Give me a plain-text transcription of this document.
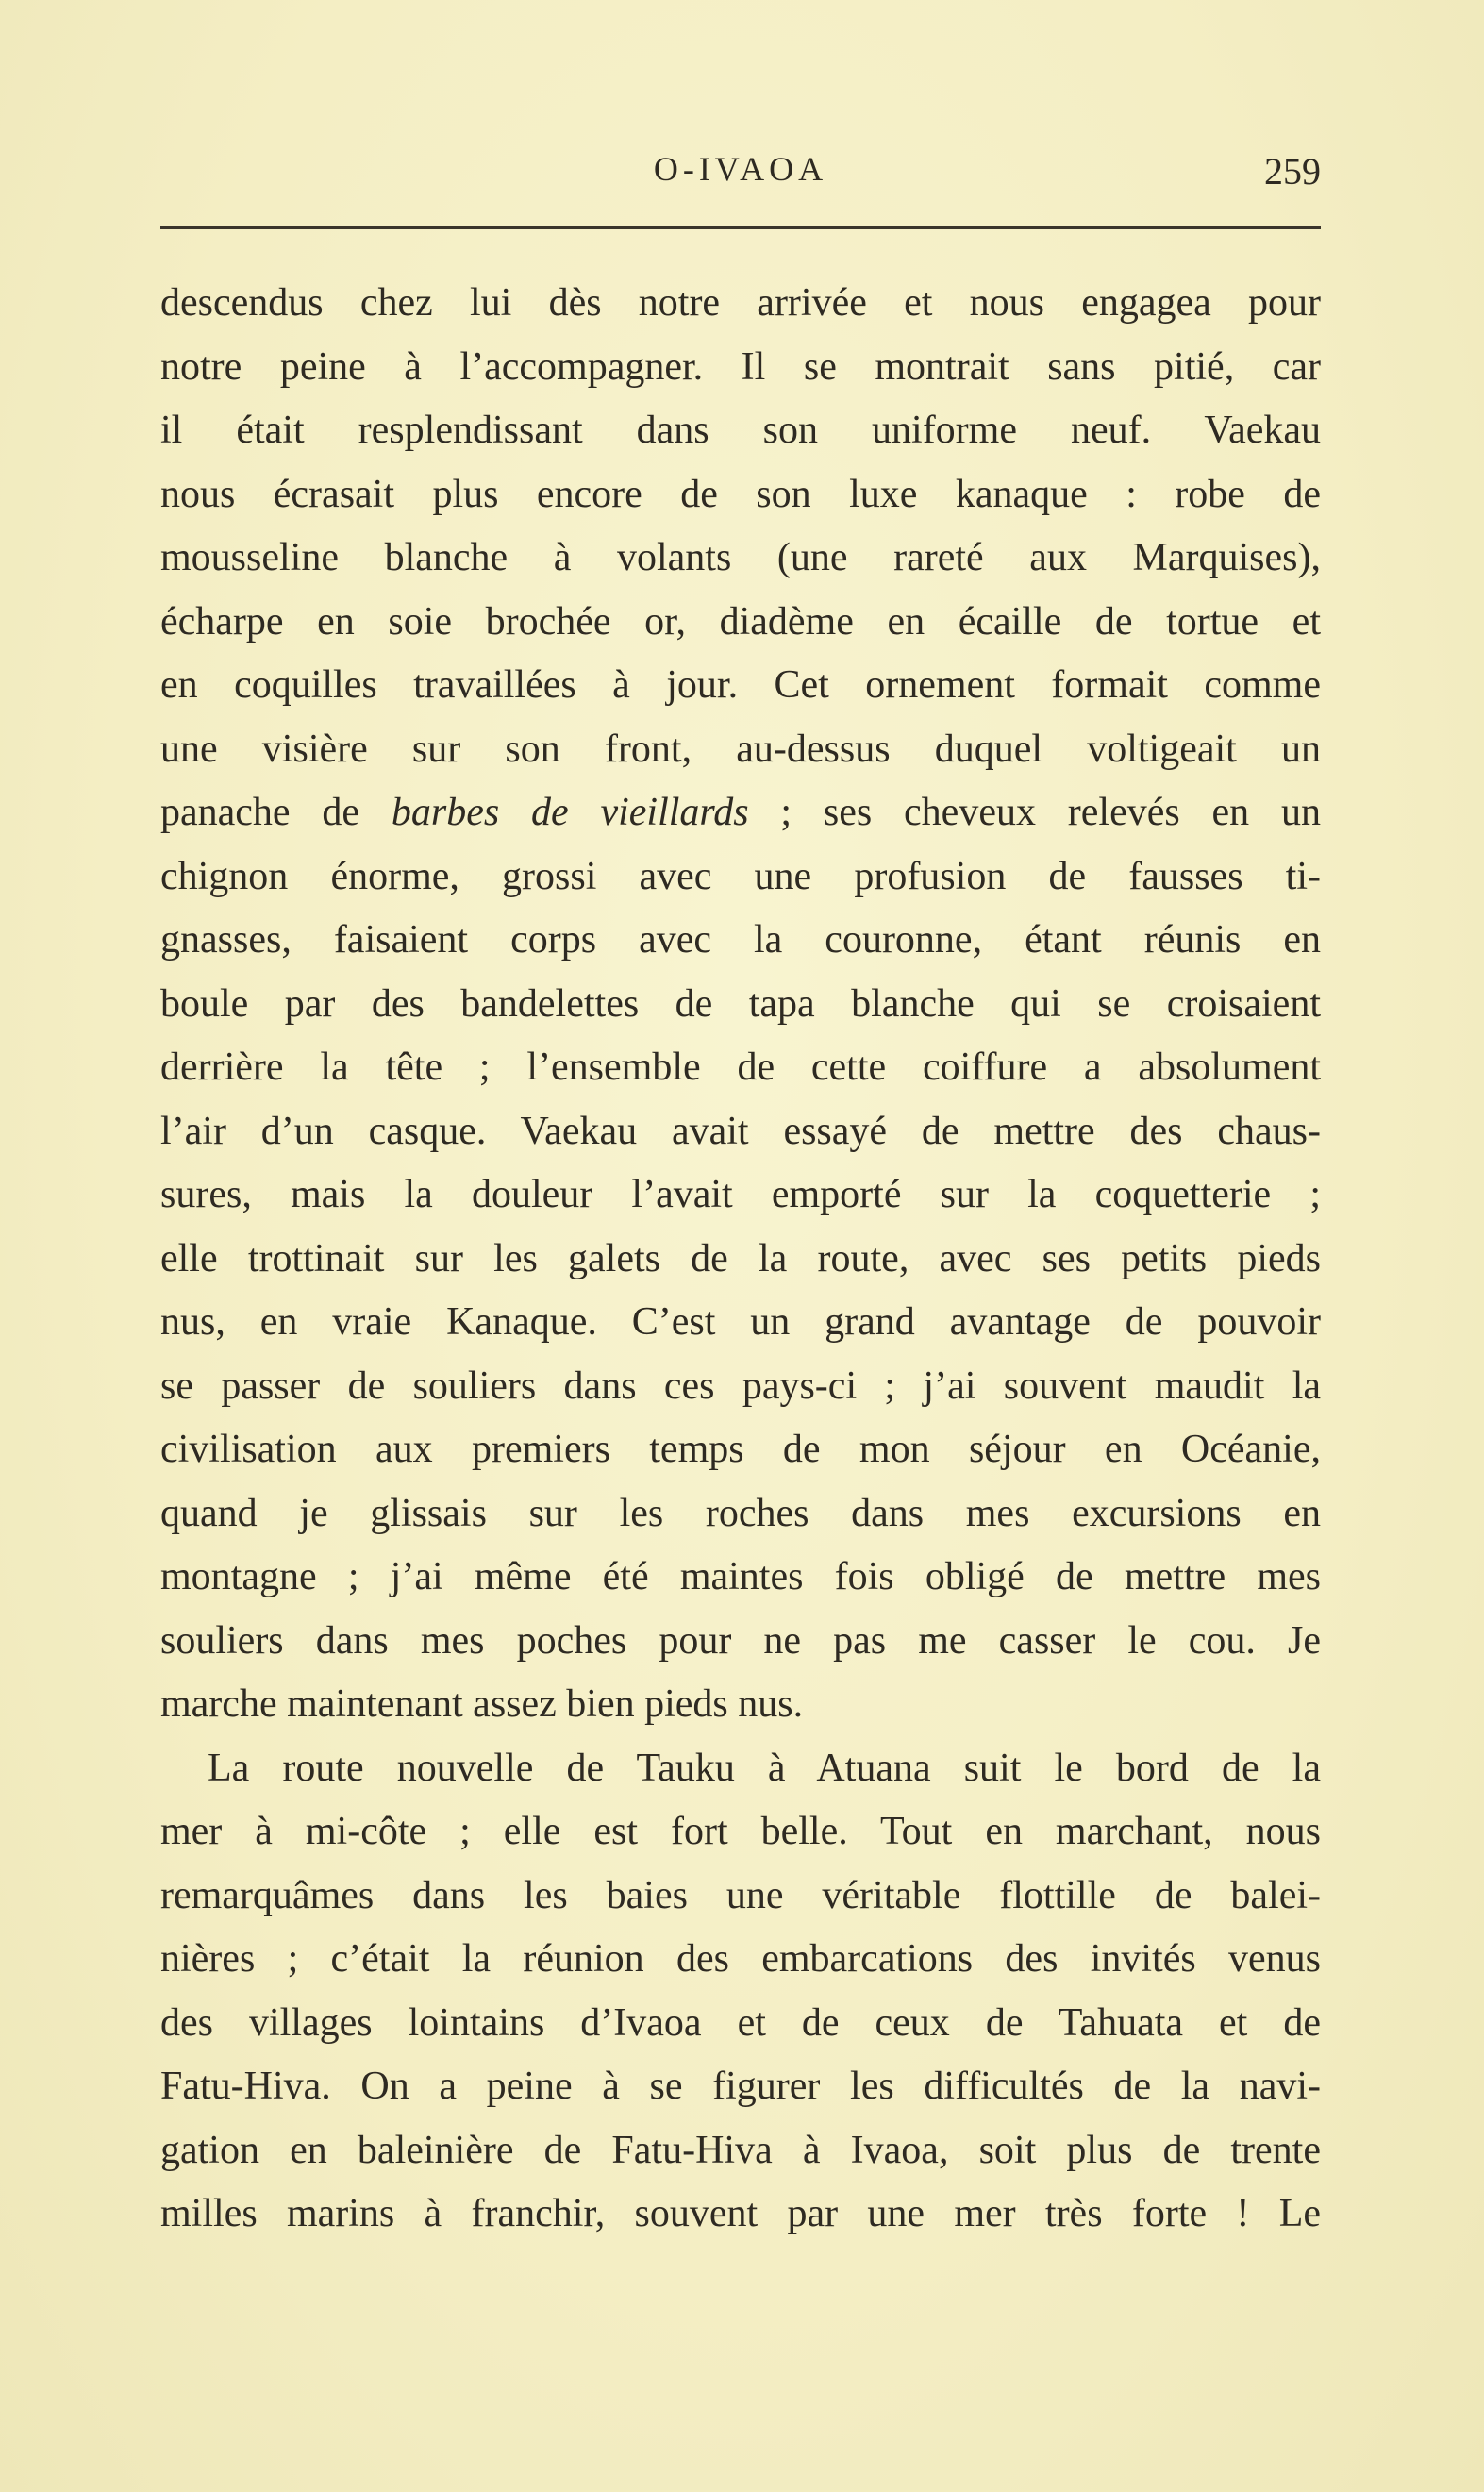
O-IVAOA	259
descendus chez lui dès notre arrivée et nous engagea pour
notre peine à l’accompagner. Il se montrait sans pitié, car
il était resplendissant dans son uniforme neuf. Vaekau
nous écrasait plus encore de son luxe kanaque : robe de
mousseline blanche à volants (une rareté aux Marquises),
écharpe en soie brochée or, diadème en écaille de tortue et
en coquilles travaillées à jour. Cet ornement formait comme
une visière sur son front, au-dessus duquel voltigeait un
panache de barbes de vieillards ; ses cheveux relevés en un
chignon énorme, grossi avec une profusion de fausses ti-
gnasses, faisaient corps avec la couronne, étant réunis en
boule par des bandelettes de tapa blanche qui se croisaient
derrière la tête ; l’ensemble de cette coiffure a absolument
l’air d’un casque. Vaekau avait essayé de mettre des chaus-
sures, mais la douleur l’avait emporté sur la coquetterie ;
elle trottinait sur les galets de la route, avec ses petits pieds
nus, en vraie Kanaque. C’est un grand avantage de pouvoir
se passer de souliers dans ces pays-ci ; j’ai souvent maudit la
civilisation aux premiers temps de mon séjour en Océanie,
quand je glissais sur les roches dans mes excursions en
montagne ; j’ai même été maintes fois obligé de mettre mes
souliers dans mes poches pour ne pas me casser le cou. Je
marche maintenant assez bien pieds nus.
La route nouvelle de Tauku à Atuana suit le bord de la
mer à mi-côte ; elle est fort belle. Tout en marchant, nous
remarquâmes dans les baies une véritable flottille de balei-
nières ; c’était la réunion des embarcations des invités venus
des villages lointains d’Ivaoa et de ceux de Tahuata et de
Fatu-Hiva. On a peine à se figurer les difficultés de la navi-
gation en baleinière de Fatu-Hiva à Ivaoa, soit plus de trente
milles marins à franchir, souvent par une mer très forte ! Le
